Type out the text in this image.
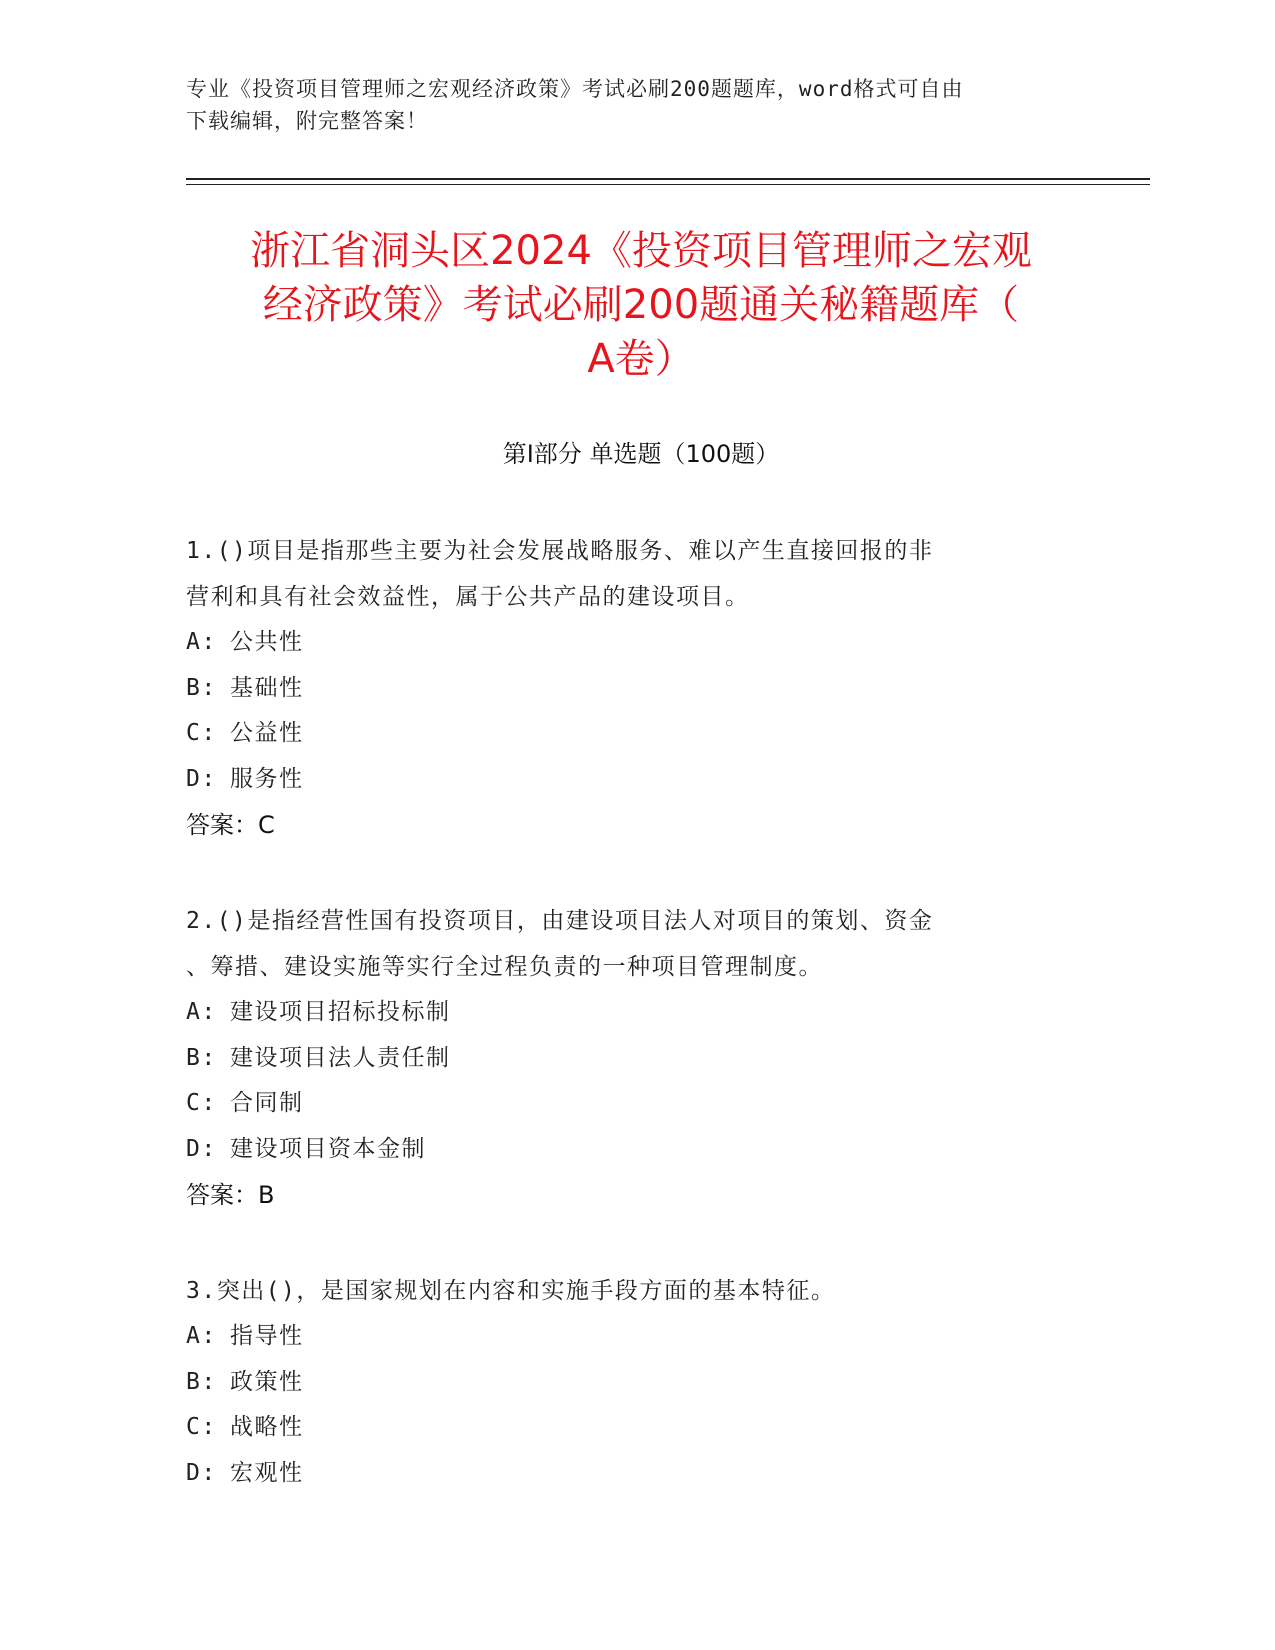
专业《投资项目管理师之宏观经济政策》考试必刷200题题库，word格式可自由
下载编辑，附完整答案！
浙江省洞头区2024《投资项目管理师之宏观
经济政策》考试必刷200题通关秘籍题库（
A卷）
第Ⅰ部分 单选题（100题）
1.()项目是指那些主要为社会发展战略服务、难以产生直接回报的非
营利和具有社会效益性，属于公共产品的建设项目。
A: 公共性
B: 基础性
C: 公益性
D: 服务性
答案：C
2.()是指经营性国有投资项目，由建设项目法人对项目的策划、资金
、筹措、建设实施等实行全过程负责的一种项目管理制度。
A: 建设项目招标投标制
B: 建设项目法人责任制
C: 合同制
D: 建设项目资本金制
答案：B
3.突出()，是国家规划在内容和实施手段方面的基本特征。
A: 指导性
B: 政策性
C: 战略性
D: 宏观性
